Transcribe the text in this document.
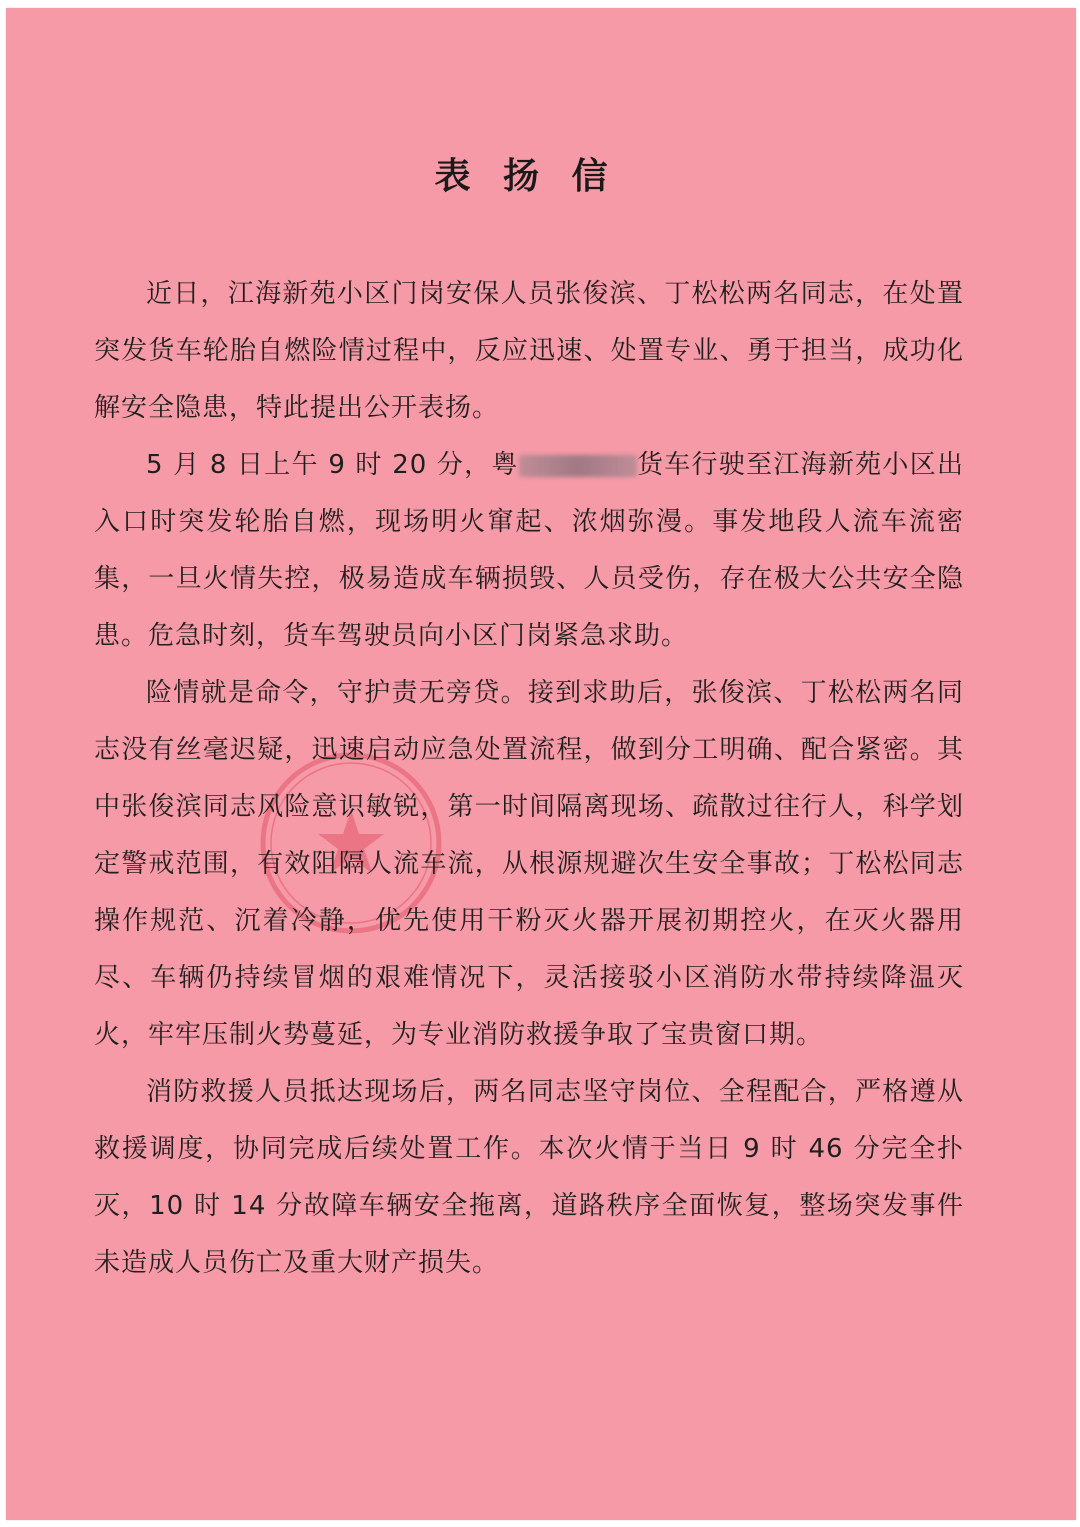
表 扬 信

近日，江海新苑小区门岗安保人员张俊滨、丁松松两名同志，在处置突发货车轮胎自燃险情过程中，反应迅速、处置专业、勇于担当，成功化解安全隐患，特此提出公开表扬。

5 月 8 日上午 9 时 20 分，粤	货车行驶至江海新苑小区出入口时突发轮胎自燃，现场明火窜起、浓烟弥漫。事发地段人流车流密集，一旦火情失控，极易造成车辆损毁、人员受伤，存在极大公共安全隐患。危急时刻，货车驾驶员向小区门岗紧急求助。

险情就是命令，守护责无旁贷。接到求助后，张俊滨、丁松松两名同志没有丝毫迟疑，迅速启动应急处置流程，做到分工明确、配合紧密。其中张俊滨同志风险意识敏锐，第一时间隔离现场、疏散过往行人，科学划定警戒范围，有效阻隔人流车流，从根源规避次生安全事故；丁松松同志操作规范、沉着冷静，优先使用干粉灭火器开展初期控火，在灭火器用尽、车辆仍持续冒烟的艰难情况下，灵活接驳小区消防水带持续降温灭火，牢牢压制火势蔓延，为专业消防救援争取了宝贵窗口期。

消防救援人员抵达现场后，两名同志坚守岗位、全程配合，严格遵从救援调度，协同完成后续处置工作。本次火情于当日 9 时 46 分完全扑灭，10 时 14 分故障车辆安全拖离，道路秩序全面恢复，整场突发事件未造成人员伤亡及重大财产损失。
